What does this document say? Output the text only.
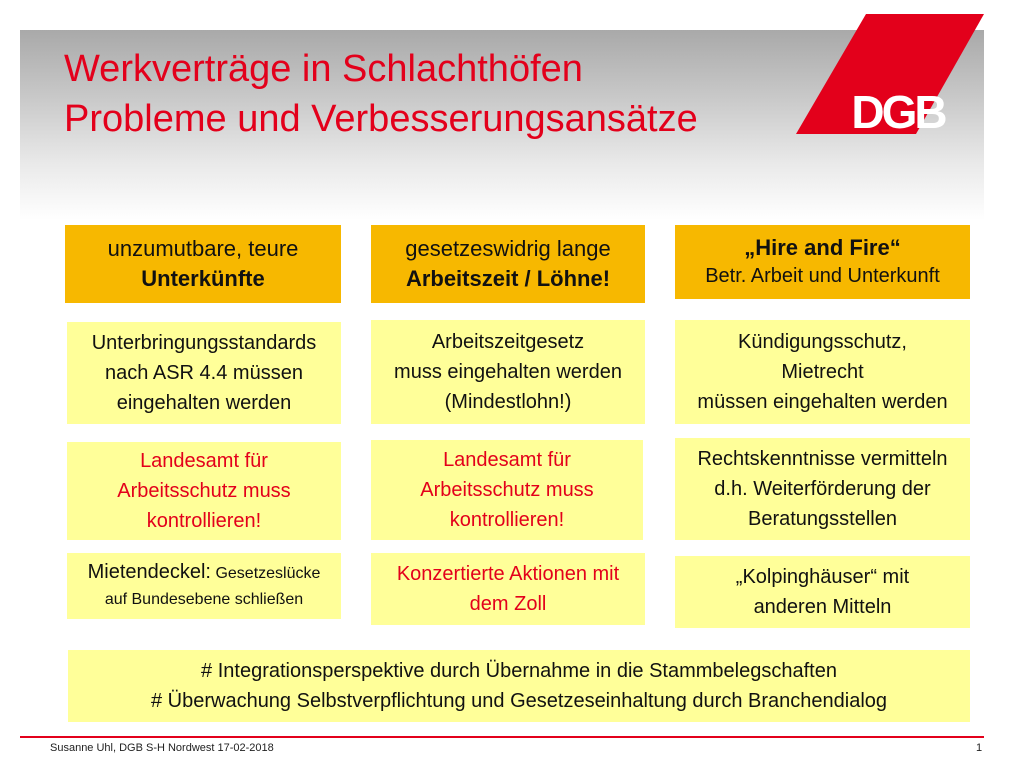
Werkverträge in Schlachthöfen
Probleme und Verbesserungsansätze	DGB
unzumutbare, teure
Unterkünfte
Unterbringungsstandards
nach ASR 4.4 müssen
eingehalten werden
Landesamt für
Arbeitsschutz muss
kontrollieren!
Mietendeckel: Gesetzeslücke
auf Bundesebene schließen
gesetzeswidrig lange
Arbeitszeit / Löhne!
Arbeitszeitgesetz
muss eingehalten werden
(Mindestlohn!)
Landesamt für
Arbeitsschutz muss
kontrollieren!
Konzertierte Aktionen mit
dem Zoll
„Hire and Fire“
Betr. Arbeit und Unterkunft
Kündigungsschutz,
Mietrecht
müssen eingehalten werden
Rechtskenntnisse vermitteln
d.h. Weiterförderung der
Beratungsstellen
„Kolpinghäuser“ mit
anderen Mitteln
# Integrationsperspektive durch Übernahme in die Stammbelegschaften
# Überwachung Selbstverpflichtung und Gesetzeseinhaltung durch Branchendialog
Susanne Uhl, DGB S-H Nordwest 17-02-2018	1
